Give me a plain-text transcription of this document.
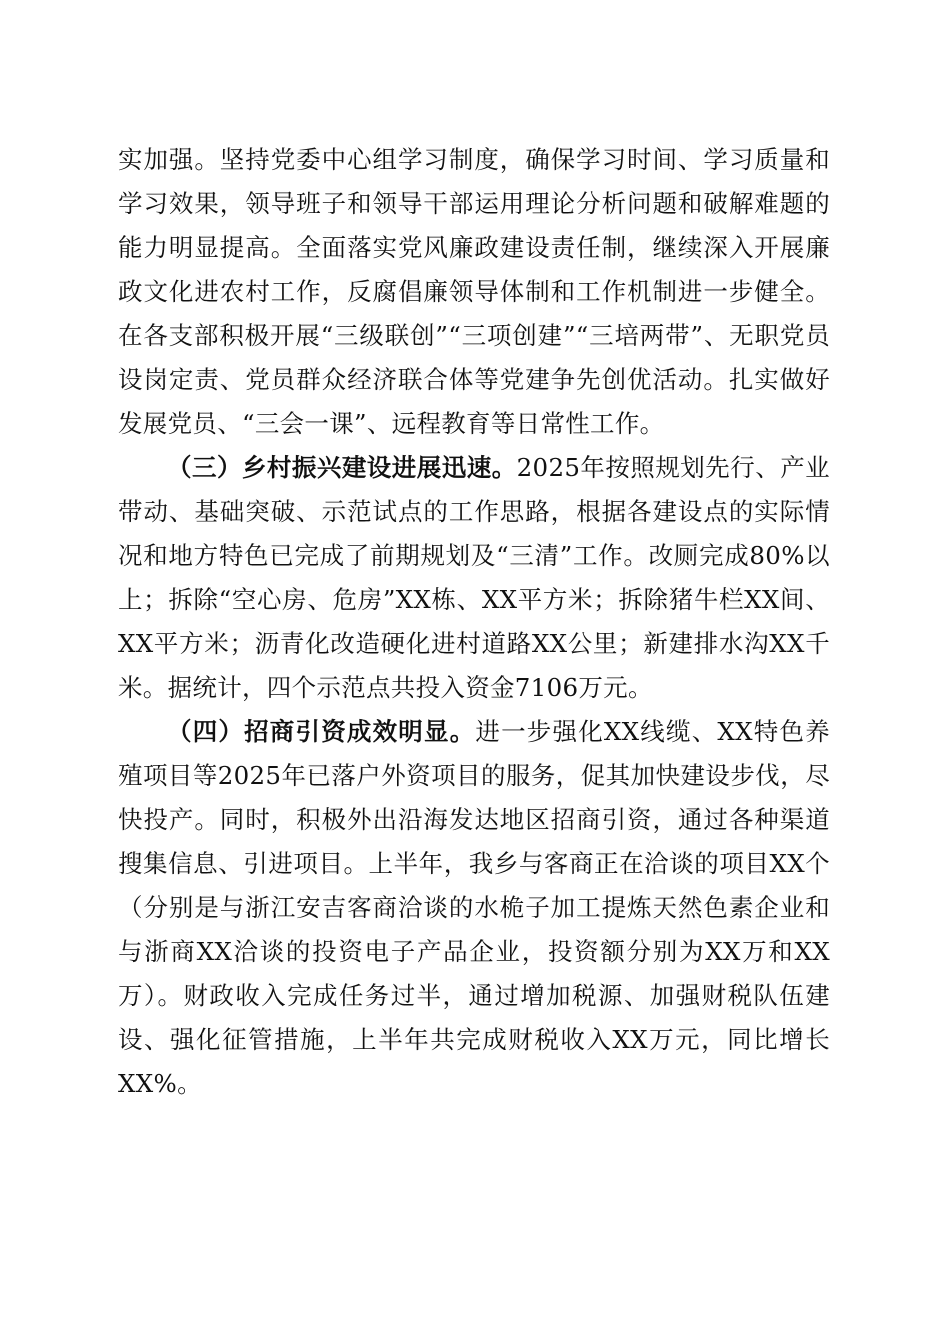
实加强。坚持党委中心组学习制度，确保学习时间、学习质量和学习效果，领导班子和领导干部运用理论分析问题和破解难题的能力明显提高。全面落实党风廉政建设责任制，继续深入开展廉政文化进农村工作，反腐倡廉领导体制和工作机制进一步健全。在各支部积极开展“三级联创”“三项创建”“三培两带”、无职党员设岗定责、党员群众经济联合体等党建争先创优活动。扎实做好发展党员、“三会一课”、远程教育等日常性工作。

（三）乡村振兴建设进展迅速。2025年按照规划先行、产业带动、基础突破、示范试点的工作思路，根据各建设点的实际情况和地方特色已完成了前期规划及“三清”工作。改厕完成80%以上；拆除“空心房、危房”XX栋、XX平方米；拆除猪牛栏XX间、XX平方米；沥青化改造硬化进村道路XX公里；新建排水沟XX千米。据统计，四个示范点共投入资金7106万元。

（四）招商引资成效明显。进一步强化XX线缆、XX特色养殖项目等2025年已落户外资项目的服务，促其加快建设步伐，尽快投产。同时，积极外出沿海发达地区招商引资，通过各种渠道搜集信息、引进项目。上半年，我乡与客商正在洽谈的项目XX个（分别是与浙江安吉客商洽谈的水桅子加工提炼天然色素企业和与浙商XX洽谈的投资电子产品企业，投资额分别为XX万和XX万）。财政收入完成任务过半，通过增加税源、加强财税队伍建设、强化征管措施，上半年共完成财税收入XX万元，同比增长XX%。
